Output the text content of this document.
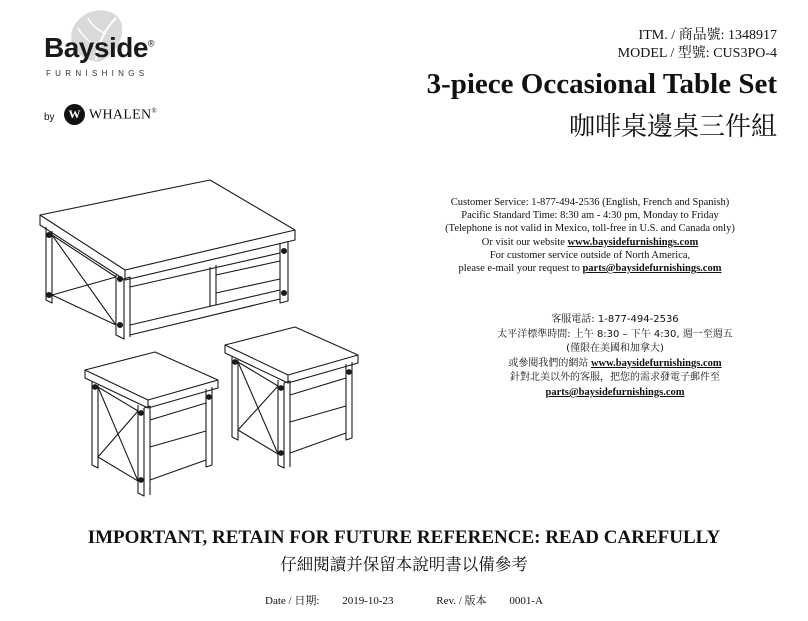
Bayside®
FURNISHINGS
by	W WHALEN®
ITM. / 商品號: 1348917
MODEL / 型號: CUS3PO-4
3-piece Occasional Table Set
咖啡桌邊桌三件組
Customer Service: 1-877-494-2536 (English, French and Spanish)
Pacific Standard Time: 8:30 am - 4:30 pm, Monday to Friday
(Telephone is not valid in Mexico, toll-free in U.S. and Canada only)
Or visit our website www.baysidefurnishings.com
For customer service outside of North America,
please e-mail your request to parts@baysidefurnishings.com
客服電話: 1-877-494-2536
太平洋標準時間: 上午 8:30 – 下午 4:30, 週一至週五
(僅限在美國和加拿大)
或參閱我們的網站 www.baysidefurnishings.com
針對北美以外的客服，把您的需求發電子郵件至
parts@baysidefurnishings.com
IMPORTANT, RETAIN FOR FUTURE REFERENCE: READ CAREFULLY
仔細閱讀并保留本說明書以備參考
Date / 日期: 2019-10-23	Rev. / 版本 0001-A
